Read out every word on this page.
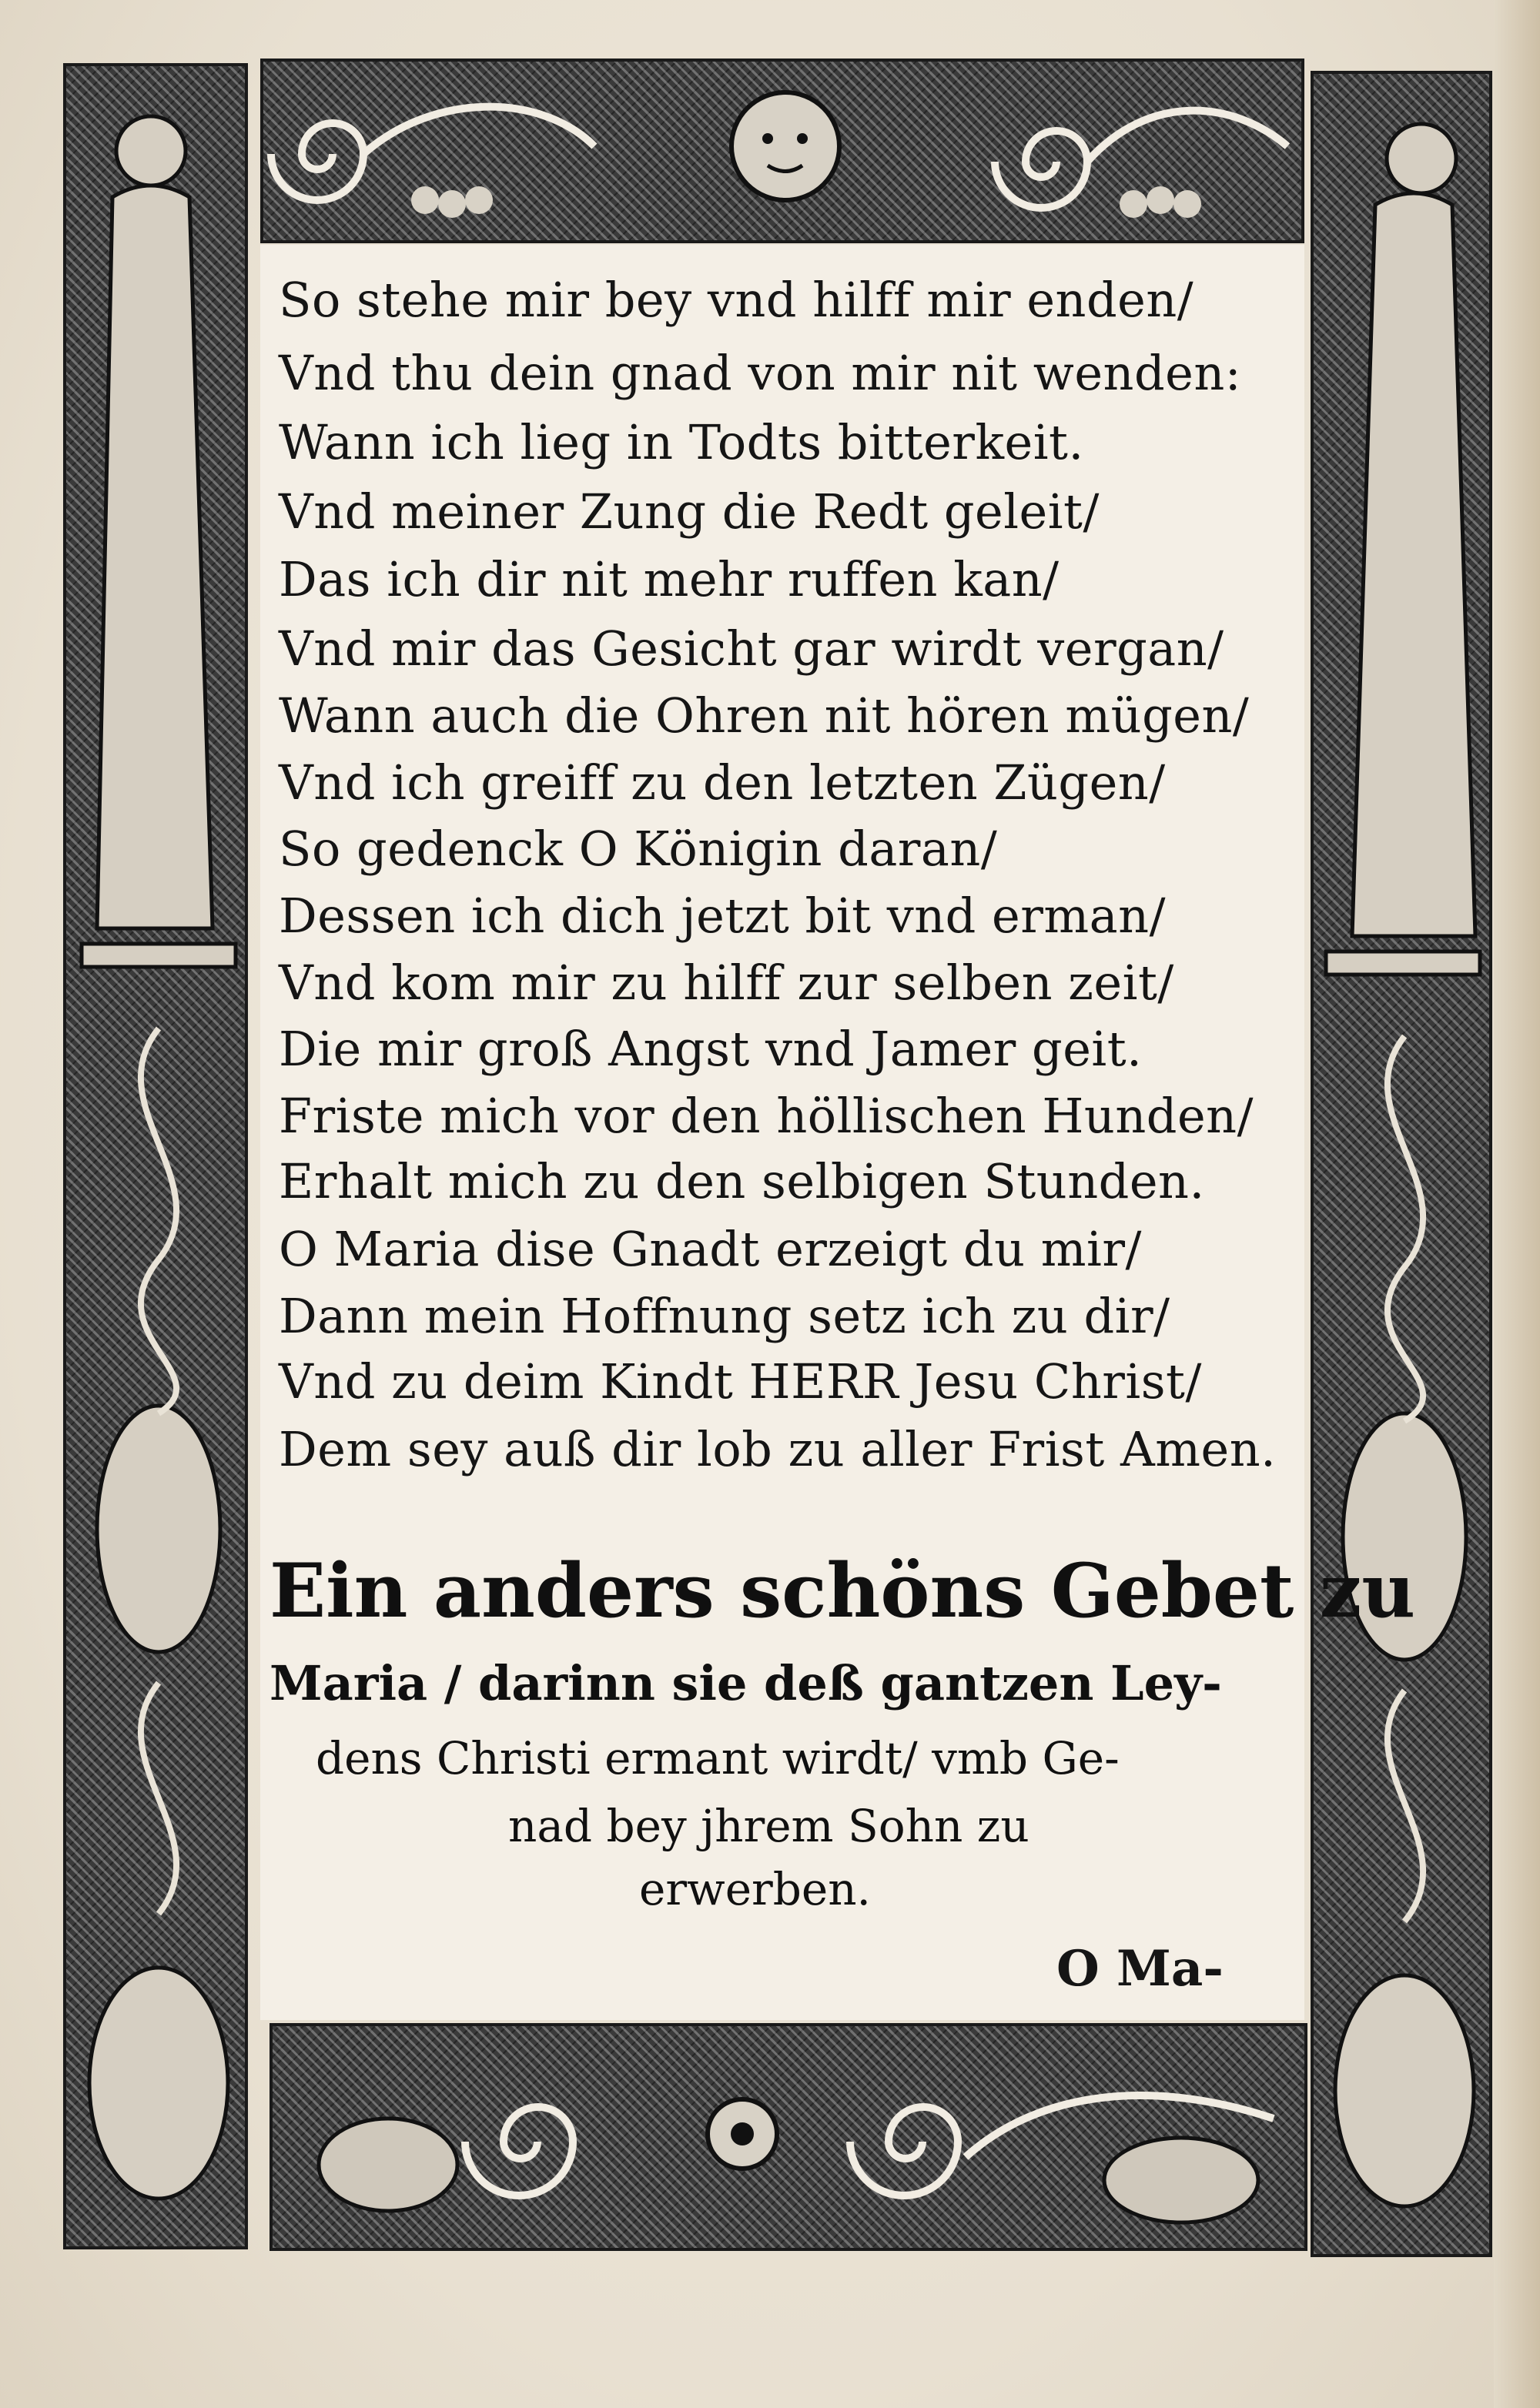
So stehe mir bey vnd hilff mir enden/
Vnd thu dein gnad von mir nit wenden:
Wann ich lieg in Todts bitterkeit.
Vnd meiner Zung die Redt geleit/
Das ich dir nit mehr ruffen kan/
Vnd mir das Gesicht gar wirdt vergan/
Wann auch die Ohren nit hören mügen/
Vnd ich greiff zu den letzten Zügen/
So gedenck O Königin daran/
Dessen ich dich jetzt bit vnd erman/
Vnd kom mir zu hilff zur selben zeit/
Die mir groß Angst vnd Jamer geit.
Friste mich vor den höllischen Hunden/
Erhalt mich zu den selbigen Stunden.
O Maria dise Gnadt erzeigt du mir/
Dann mein Hoffnung setz ich zu dir/
Vnd zu deim Kindt HERR Jesu Christ/
Dem sey auß dir lob zu aller Frist Amen.
Ein anders schöns Gebet zu
Maria / darinn sie deß gantzen Ley-
dens Christi ermant wirdt/ vmb Ge-
nad bey jhrem Sohn zu
erwerben.
O Ma-
